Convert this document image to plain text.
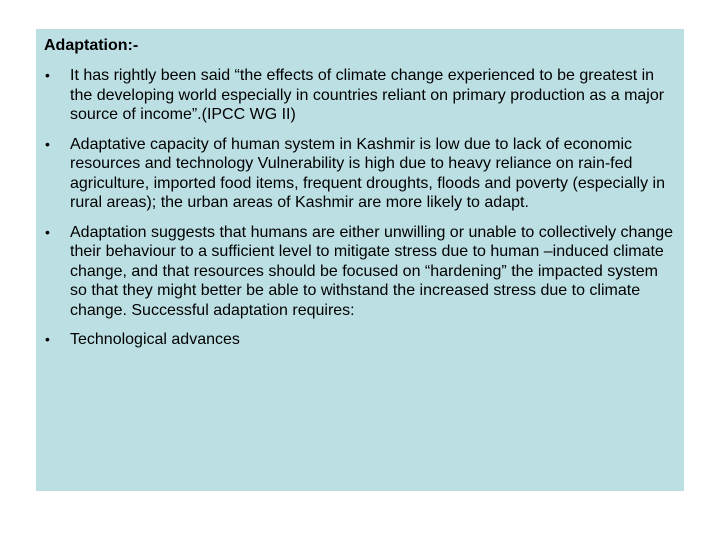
Adaptation:-
• It has rightly been said “the effects of climate change experienced to be greatest in the developing world especially in countries reliant on primary production as a major source of income”.(IPCC WG II)
• Adaptative capacity of human system in Kashmir is low due to lack of economic resources and technology Vulnerability is high due to heavy reliance on rain-fed agriculture, imported food items, frequent droughts, floods and poverty (especially in rural areas); the urban areas of Kashmir are more likely to adapt.
• Adaptation suggests that humans are either unwilling or unable to collectively change their behaviour to a sufficient level to mitigate stress due to human –induced climate change, and that resources should be focused on “hardening” the impacted system so that they might better be able to withstand the increased stress due to climate change. Successful adaptation requires:
• Technological advances
